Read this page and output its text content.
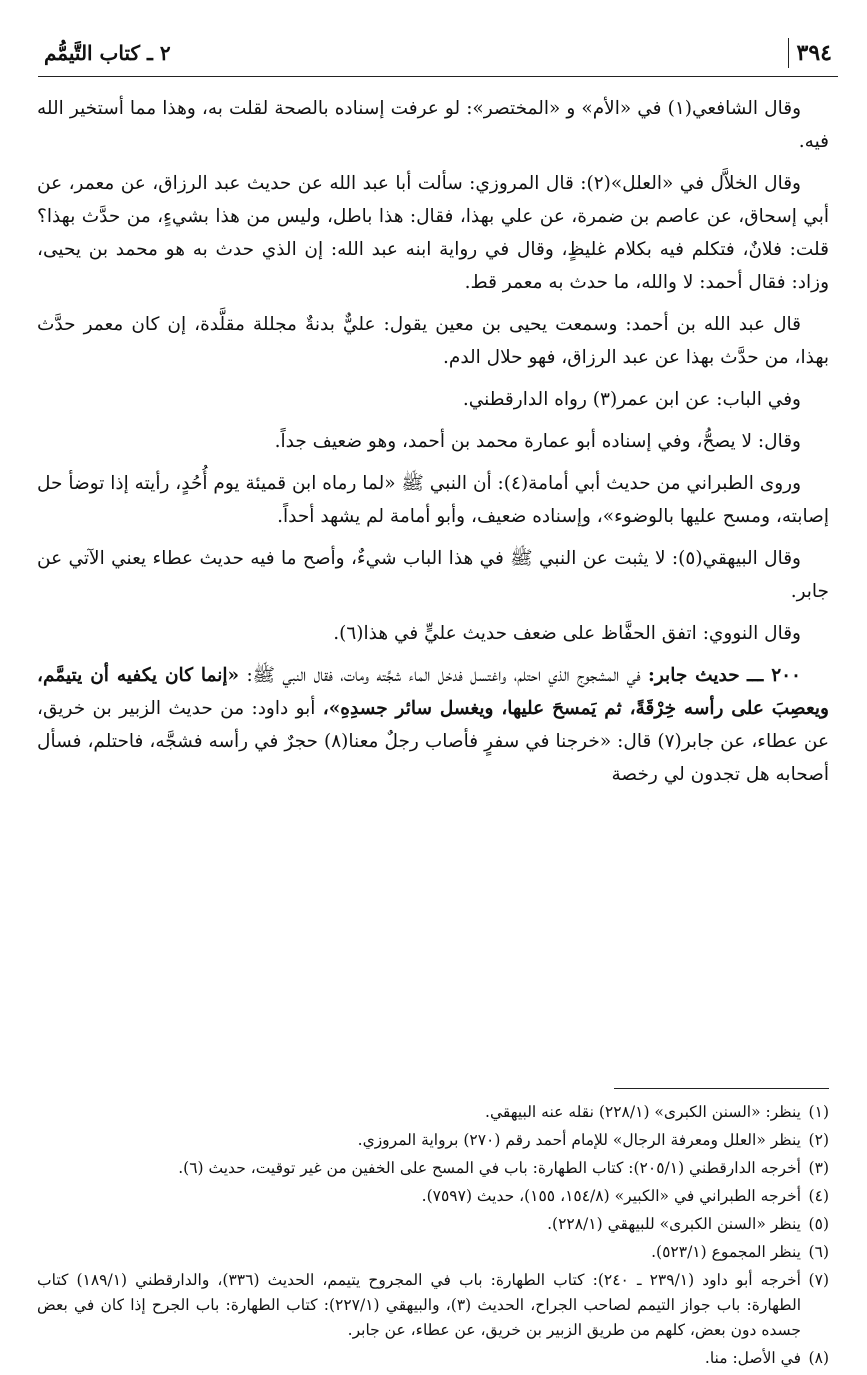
٣٩٤
٢ ـ كتاب التَّيمُّم

وقال الشافعي(١) في «الأم» و «المختصر»: لو عرفت إسناده بالصحة لقلت به، وهذا مما أستخير الله فيه.

وقال الخلاَّل في «العلل»(٢): قال المروزي: سألت أبا عبد الله عن حديث عبد الرزاق، عن معمر، عن أبي إسحاق، عن عاصم بن ضمرة، عن علي بهذا، فقال: هذا باطل، وليس من هذا بشيءٍ، من حدَّث بهذا؟ قلت: فلانٌ، فتكلم فيه بكلام غليظٍ، وقال في رواية ابنه عبد الله: إن الذي حدث به هو محمد بن يحيى، وزاد: فقال أحمد: لا والله، ما حدث به معمر قط.

قال عبد الله بن أحمد: وسمعت يحيى بن معين يقول: عليٌّ بدنةٌ مجللة مقلَّدة، إن كان معمر حدَّث بهذا، من حدَّث بهذا عن عبد الرزاق، فهو حلال الدم.

وفي الباب: عن ابن عمر(٣) رواه الدارقطني.

وقال: لا يصحُّ، وفي إسناده أبو عمارة محمد بن أحمد، وهو ضعيف جداً.

وروى الطبراني من حديث أبي أمامة(٤): أن النبي ﷺ «لما رماه ابن قميئة يوم أُحُدٍ، رأيته إذا توضأ حل إصابته، ومسح عليها بالوضوء»، وإسناده ضعيف، وأبو أمامة لم يشهد أحداً.

وقال البيهقي(٥): لا يثبت عن النبي ﷺ في هذا الباب شيءٌ، وأصح ما فيه حديث عطاء يعني الآتي عن جابر.

وقال النووي: اتفق الحفَّاظ على ضعف حديث عليٍّ في هذا(٦).

٢٠٠ ـــ حديث جابر: في المشجوج الذي احتلم، واغتسل فدخل الماء شجَّته ومات، فقال النبي ﷺ: «إنما كان يكفيه أن يتيمَّم، ويعصِبَ على رأسه خِرْقَةً، ثم يَمسحَ عليها، ويغسل سائر جسدِهِ»، أبو داود: من حديث الزبير بن خريق، عن عطاء، عن جابر(٧) قال: «خرجنا في سفرٍ فأصاب رجلٌ معنا(٨) حجرٌ في رأسه فشجَّه، فاحتلم، فسأل أصحابه هل تجدون لي رخصة

(١)
ينظر: «السنن الكبرى» (٢٢٨/١) نقله عنه البيهقي.
(٢)
ينظر «العلل ومعرفة الرجال» للإمام أحمد رقم (٢٧٠) برواية المروزي.
(٣)
أخرجه الدارقطني (٢٠٥/١): كتاب الطهارة: باب في المسح على الخفين من غير توقيت، حديث (٦).
(٤)
أخرجه الطبراني في «الكبير» (١٥٤/٨، ١٥٥)، حديث (٧٥٩٧).
(٥)
ينظر «السنن الكبرى» للبيهقي (٢٢٨/١).
(٦)
ينظر المجموع (٥٢٣/١).
(٧)
أخرجه أبو داود (٢٣٩/١ ـ ٢٤٠): كتاب الطهارة: باب في المجروح يتيمم، الحديث (٣٣٦)، والدارقطني (١٨٩/١) كتاب الطهارة: باب جواز التيمم لصاحب الجراح، الحديث (٣)، والبيهقي (٢٢٧/١): كتاب الطهارة: باب الجرح إذا كان في بعض جسده دون بعض، كلهم من طريق الزبير بن خريق، عن عطاء، عن جابر.
(٨)
في الأصل: منا.
